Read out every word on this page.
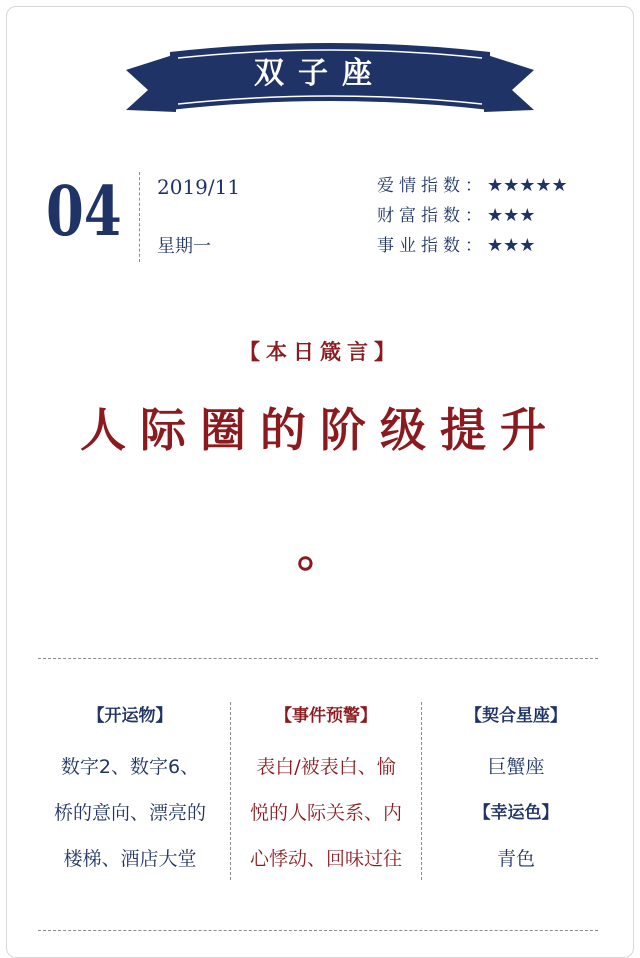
双子座
04 2019/11
星期一
爱情指数：★★★★★
财富指数：★★★
事业指数：★★★
【本日箴言】
人际圈的阶级提升
。
【开运物】
数字2、数字6、
桥的意向、漂亮的
楼梯、酒店大堂
【事件预警】
表白/被表白、愉
悦的人际关系、内
心悸动、回味过往
【契合星座】
巨蟹座
【幸运色】
青色
